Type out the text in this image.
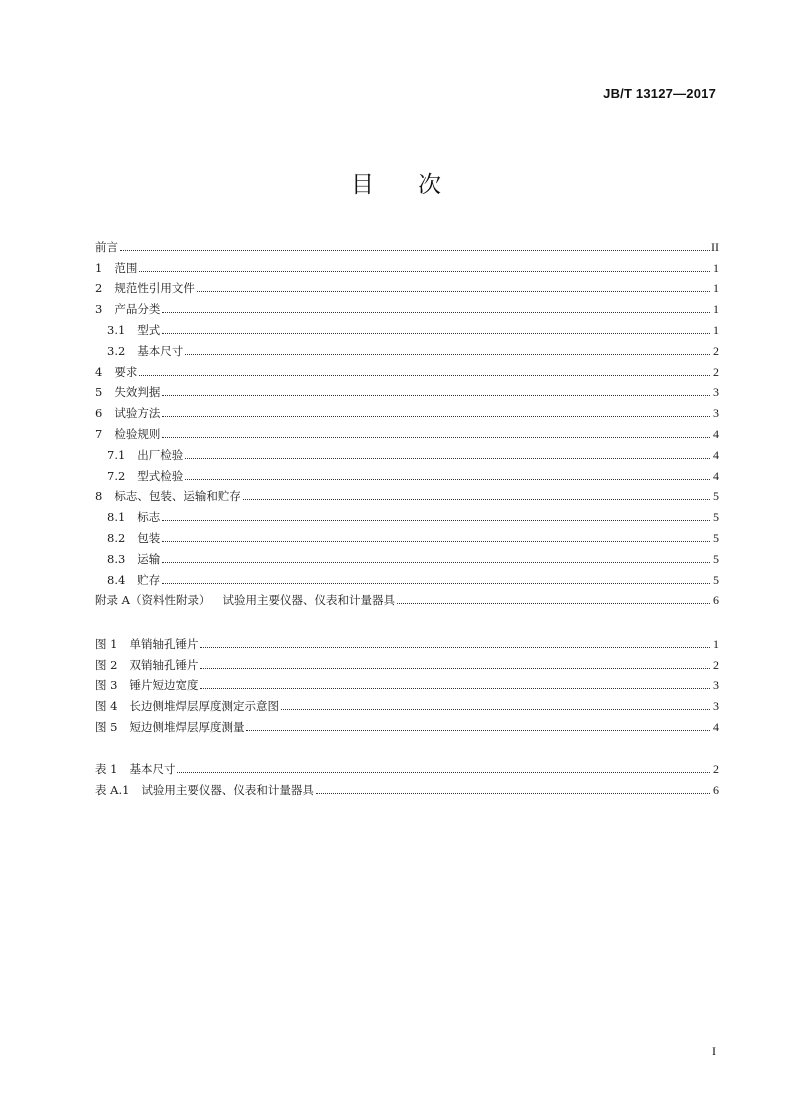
JB/T 13127—2017
目 次
前言	II
1 范围	1
2 规范性引用文件	1
3 产品分类	1
3.1 型式	1
3.2 基本尺寸	2
4 要求	2
5 失效判据	3
6 试验方法	3
7 检验规则	4
7.1 出厂检验	4
7.2 型式检验	4
8 标志、包装、运输和贮存	5
8.1 标志	5
8.2 包装	5
8.3 运输	5
8.4 贮存	5
附录 A（资料性附录） 试验用主要仪器、仪表和计量器具	6
图 1 单销轴孔锤片	1
图 2 双销轴孔锤片	2
图 3 锤片短边宽度	3
图 4 长边侧堆焊层厚度测定示意图	3
图 5 短边侧堆焊层厚度测量	4
表 1 基本尺寸	2
表 A.1 试验用主要仪器、仪表和计量器具	6
I
